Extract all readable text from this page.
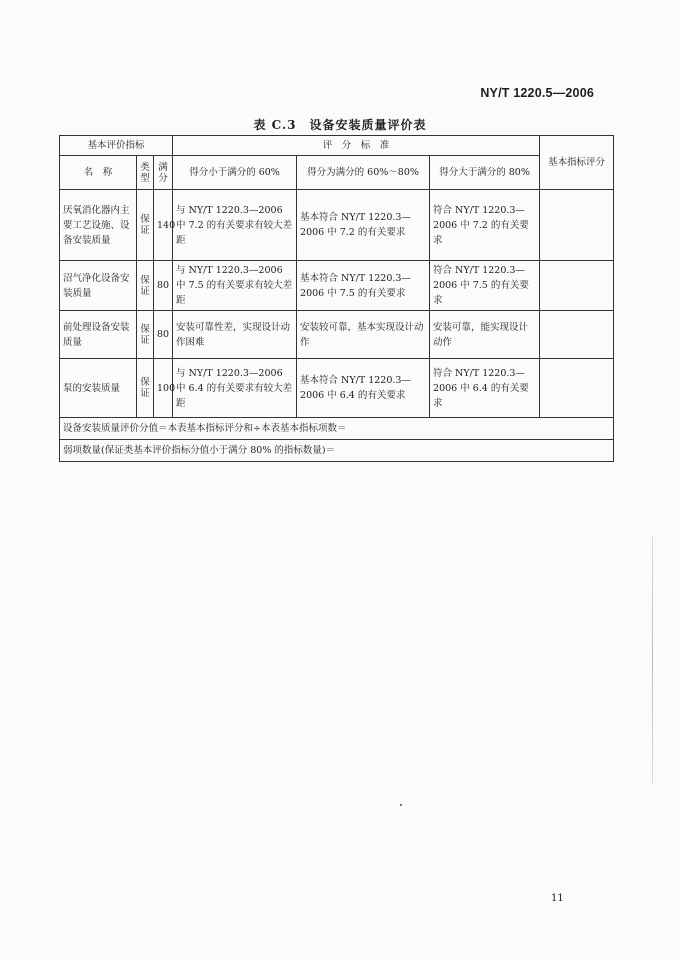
NY/T 1220.5—2006
表 C.3　设备安装质量评价表
基本评价指标			评　分　标　准			基本指标评分
名　称	类型	满分	得分小于满分的 60%	得分为满分的 60%～80%	得分大于满分的 80%	
厌氧消化器内主要工艺设施、设备安装质量	保证	140	与 NY/T 1220.3—2006 中 7.2 的有关要求有较大差距	基本符合 NY/T 1220.3—2006 中 7.2 的有关要求	符合 NY/T 1220.3—2006 中 7.2 的有关要求	
沼气净化设备安装质量	保证	80	与 NY/T 1220.3—2006 中 7.5 的有关要求有较大差距	基本符合 NY/T 1220.3—2006 中 7.5 的有关要求	符合 NY/T 1220.3—2006 中 7.5 的有关要求	
前处理设备安装质量	保证	80	安装可靠性差，实现设计动作困难	安装较可靠，基本实现设计动作	安装可靠，能实现设计动作	
泵的安装质量	保证	100	与 NY/T 1220.3—2006 中 6.4 的有关要求有较大差距	基本符合 NY/T 1220.3—2006 中 6.4 的有关要求	符合 NY/T 1220.3—2006 中 6.4 的有关要求	
设备安装质量评价分值＝本表基本指标评分和÷本表基本指标项数＝						
弱项数量(保证类基本评价指标分值小于满分 80% 的指标数量)＝						
11
